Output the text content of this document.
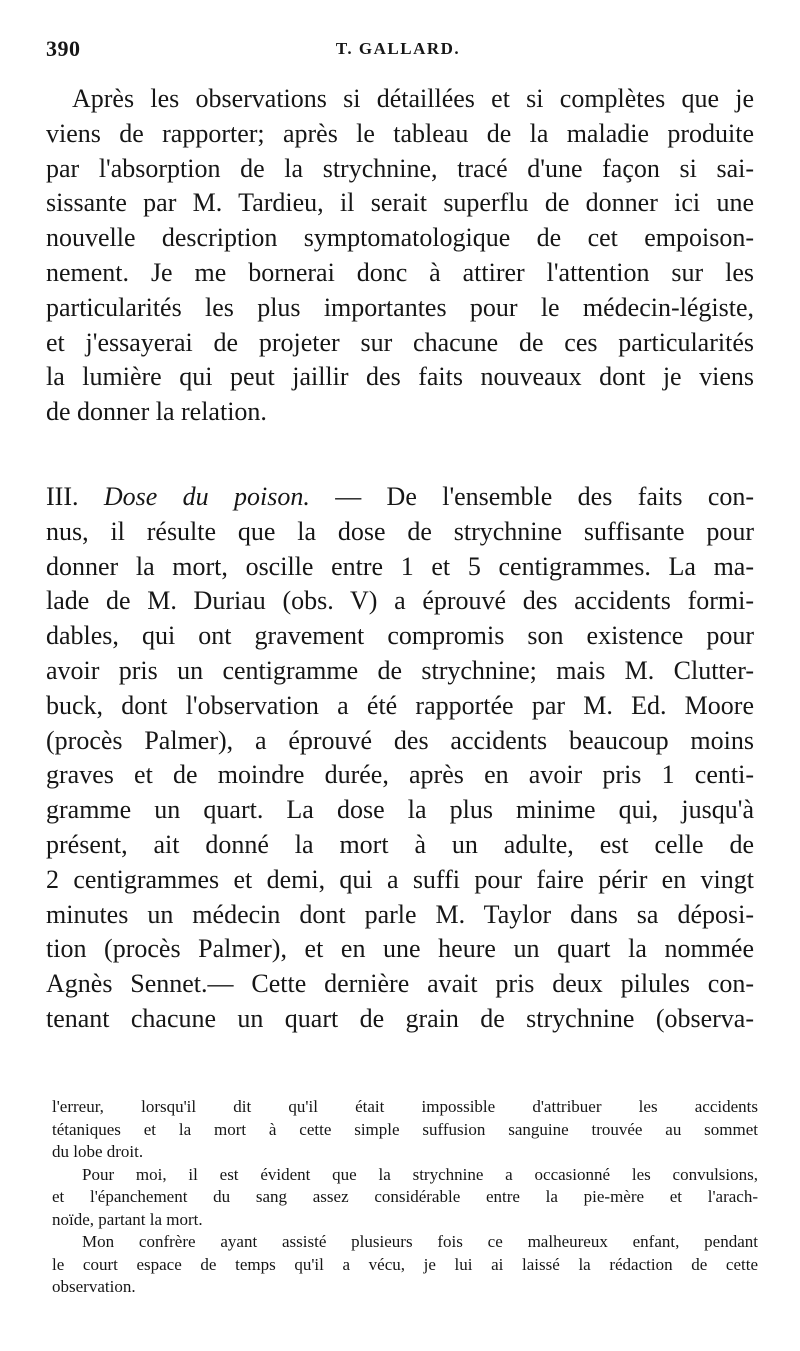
390	T. GALLARD.
Après les observations si détaillées et si complètes que je
viens de rapporter; après le tableau de la maladie produite
par l'absorption de la strychnine, tracé d'une façon si sai-
sissante par M. Tardieu, il serait superflu de donner ici une
nouvelle description symptomatologique de cet empoison-
nement. Je me bornerai donc à attirer l'attention sur les
particularités les plus importantes pour le médecin-légiste,
et j'essayerai de projeter sur chacune de ces particularités
la lumière qui peut jaillir des faits nouveaux dont je viens
de donner la relation.
III. Dose du poison. — De l'ensemble des faits con-
nus, il résulte que la dose de strychnine suffisante pour
donner la mort, oscille entre 1 et 5 centigrammes. La ma-
lade de M. Duriau (obs. V) a éprouvé des accidents formi-
dables, qui ont gravement compromis son existence pour
avoir pris un centigramme de strychnine; mais M. Clutter-
buck, dont l'observation a été rapportée par M. Ed. Moore
(procès Palmer), a éprouvé des accidents beaucoup moins
graves et de moindre durée, après en avoir pris 1 centi-
gramme un quart. La dose la plus minime qui, jusqu'à
présent, ait donné la mort à un adulte, est celle de
2 centigrammes et demi, qui a suffi pour faire périr en vingt
minutes un médecin dont parle M. Taylor dans sa déposi-
tion (procès Palmer), et en une heure un quart la nommée
Agnès Sennet.— Cette dernière avait pris deux pilules con-
tenant chacune un quart de grain de strychnine (observa-
l'erreur, lorsqu'il dit qu'il était impossible d'attribuer les accidents
tétaniques et la mort à cette simple suffusion sanguine trouvée au sommet
du lobe droit.
Pour moi, il est évident que la strychnine a occasionné les convulsions,
et l'épanchement du sang assez considérable entre la pie-mère et l'arach-
noïde, partant la mort.
Mon confrère ayant assisté plusieurs fois ce malheureux enfant, pendant
le court espace de temps qu'il a vécu, je lui ai laissé la rédaction de cette
observation.
